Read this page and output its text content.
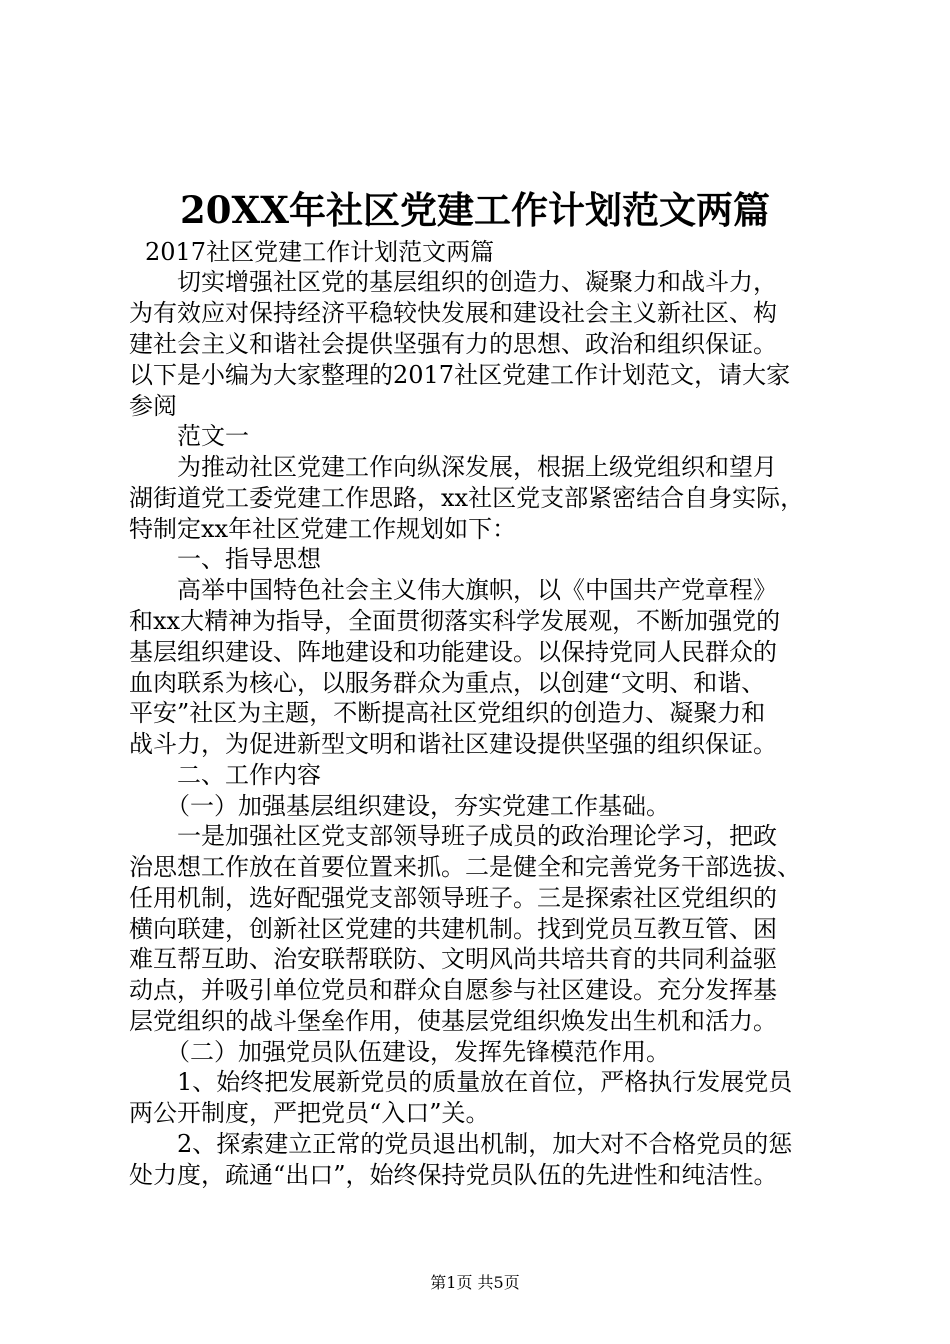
20XX年社区党建工作计划范文两篇
2017社区党建工作计划范文两篇
切实增强社区党的基层组织的创造力、凝聚力和战斗力，
为有效应对保持经济平稳较快发展和建设社会主义新社区、构
建社会主义和谐社会提供坚强有力的思想、政治和组织保证。
以下是小编为大家整理的2017社区党建工作计划范文，请大家
参阅
范文一
为推动社区党建工作向纵深发展，根据上级党组织和望月
湖街道党工委党建工作思路，xx社区党支部紧密结合自身实际，
特制定xx年社区党建工作规划如下：
一、指导思想
高举中国特色社会主义伟大旗帜，以《中国共产党章程》
和xx大精神为指导，全面贯彻落实科学发展观，不断加强党的
基层组织建设、阵地建设和功能建设。以保持党同人民群众的
血肉联系为核心，以服务群众为重点，以创建“文明、和谐、
平安”社区为主题，不断提高社区党组织的创造力、凝聚力和
战斗力，为促进新型文明和谐社区建设提供坚强的组织保证。
二、工作内容
（一）加强基层组织建设，夯实党建工作基础。
一是加强社区党支部领导班子成员的政治理论学习，把政
治思想工作放在首要位置来抓。二是健全和完善党务干部选拔、
任用机制，选好配强党支部领导班子。三是探索社区党组织的
横向联建，创新社区党建的共建机制。找到党员互教互管、困
难互帮互助、治安联帮联防、文明风尚共培共育的共同利益驱
动点，并吸引单位党员和群众自愿参与社区建设。充分发挥基
层党组织的战斗堡垒作用，使基层党组织焕发出生机和活力。
（二）加强党员队伍建设，发挥先锋模范作用。
1、始终把发展新党员的质量放在首位，严格执行发展党员
两公开制度，严把党员“入口”关。
2、探索建立正常的党员退出机制，加大对不合格党员的惩
处力度，疏通“出口”，始终保持党员队伍的先进性和纯洁性。
第1页 共5页
